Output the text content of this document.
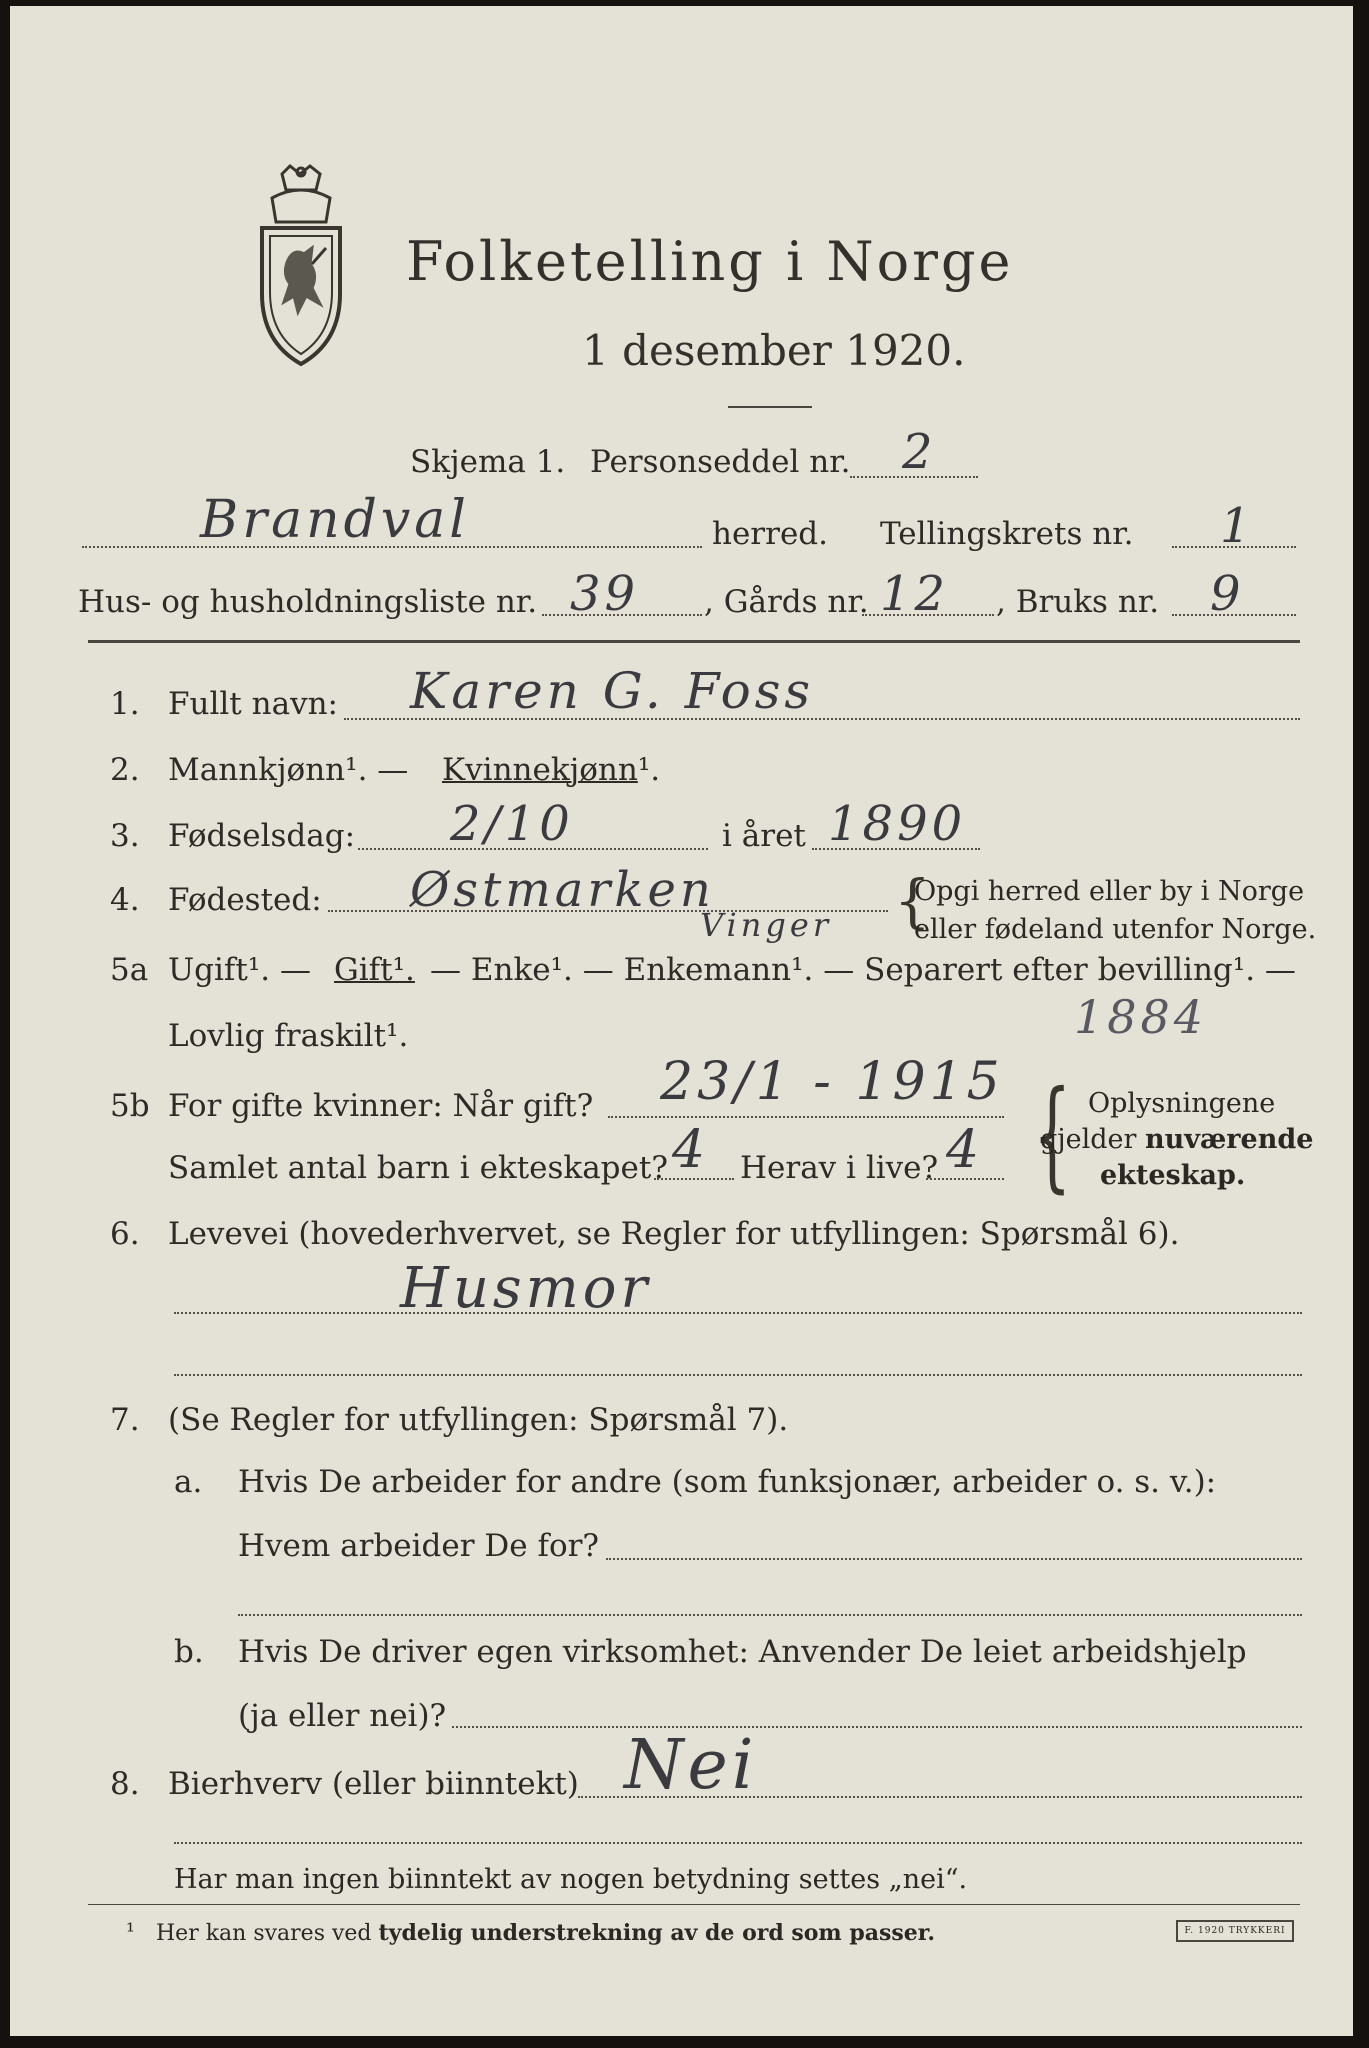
Folketelling i Norge
1 desember 1920.
Skjema 1. Personseddel nr. 2
Brandval	herred. Tellingskrets nr. 1
Hus- og husholdningsliste nr. 39 , Gårds nr. 12 , Bruks nr. 9
1. Fullt navn: Karen G. Foss
2. Mannkjønn¹. — Kvinnekjønn¹.
3. Fødselsdag: 2/10	i året 1890
4. Fødested: Østmarken
Vinger {
Opgi herred eller by i Norge
eller fødeland utenfor Norge.
5a Ugift¹. — Gift¹. — Enke¹. — Enkemann¹. — Separert efter bevilling¹. —
Lovlig fraskilt¹.	1884
5b For gifte kvinner: Når gift? 23/1 - 1915
Samlet antal barn i ekteskapet? 4 Herav i live? 4 { Oplysningene
gjelder nuværende
ekteskap.
6. Levevei (hovederhvervet, se Regler for utfyllingen: Spørsmål 6).
Husmor
7. (Se Regler for utfyllingen: Spørsmål 7).
a. Hvis De arbeider for andre (som funksjonær, arbeider o. s. v.):
Hvem arbeider De for?
b. Hvis De driver egen virksomhet: Anvender De leiet arbeidshjelp
(ja eller nei)?
8. Bierhverv (eller biinntekt) Nei
Har man ingen biinntekt av nogen betydning settes „nei“.
¹ Her kan svares ved tydelig understrekning av de ord som passer.	F. 1920 TRYKKERI
